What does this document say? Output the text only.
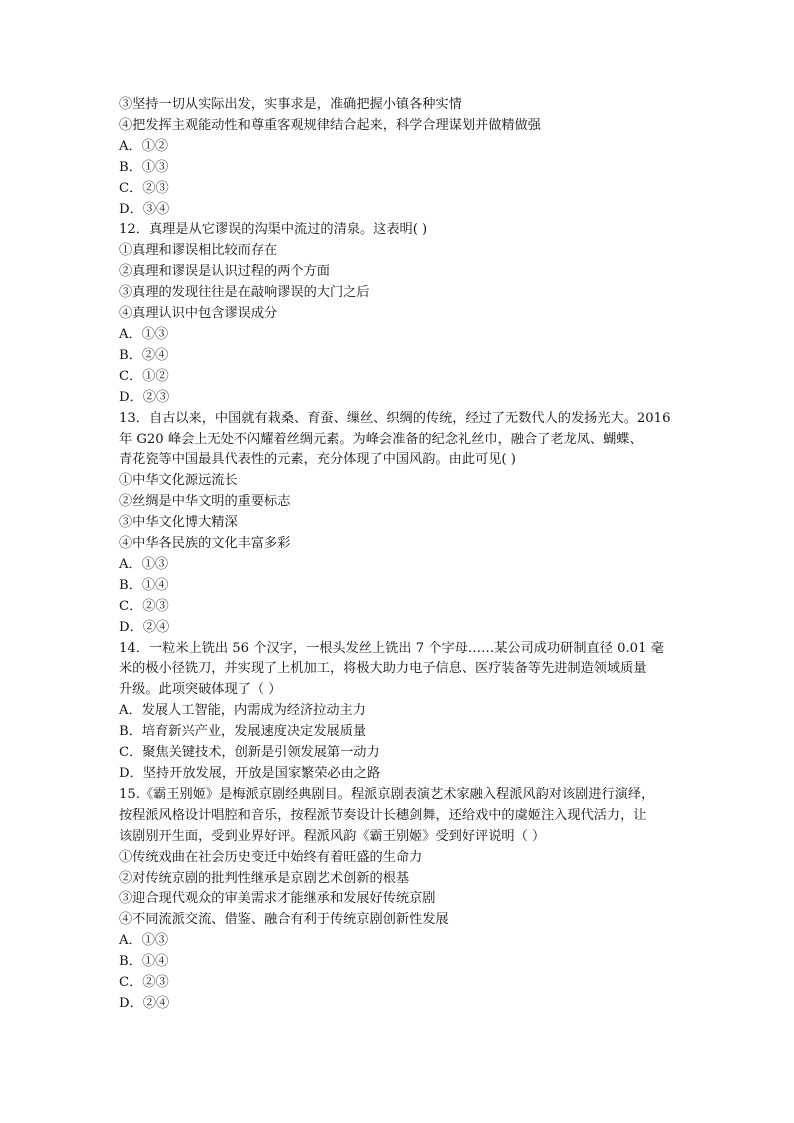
③坚持一切从实际出发，实事求是，准确把握小镇各种实情
④把发挥主观能动性和尊重客观规律结合起来，科学合理谋划并做精做强
A．①②
B．①③
C．②③
D．③④
12．真理是从它谬误的沟渠中流过的清泉。这表明( )
①真理和谬误相比较而存在
②真理和谬误是认识过程的两个方面
③真理的发现往往是在敲响谬误的大门之后
④真理认识中包含谬误成分
A．①③
B．②④
C．①②
D．②③
13．自古以来，中国就有栽桑、育蚕、缫丝、织绸的传统，经过了无数代人的发扬光大。2016
年 G20 峰会上无处不闪耀着丝绸元素。为峰会准备的纪念礼丝巾，融合了老龙凤、蝴蝶、
青花瓷等中国最具代表性的元素，充分体现了中国风韵。由此可见( )
①中华文化源远流长
②丝绸是中华文明的重要标志
③中华文化博大精深
④中华各民族的文化丰富多彩
A．①③
B．①④
C．②③
D．②④
14．一粒米上铣出 56 个汉字，一根头发丝上铣出 7 个字母……某公司成功研制直径 0.01 毫
米的极小径铣刀，并实现了上机加工，将极大助力电子信息、医疗装备等先进制造领域质量
升级。此项突破体现了（ ）
A．发展人工智能，内需成为经济拉动主力
B．培育新兴产业，发展速度决定发展质量
C．聚焦关键技术，创新是引领发展第一动力
D．坚持开放发展，开放是国家繁荣必由之路
15.《霸王别姬》是梅派京剧经典剧目。程派京剧表演艺术家融入程派风韵对该剧进行演绎，
按程派风格设计唱腔和音乐，按程派节奏设计长穗剑舞，还给戏中的虞姬注入现代活力，让
该剧别开生面，受到业界好评。程派风韵《霸王别姬》受到好评说明（ ）
①传统戏曲在社会历史变迁中始终有着旺盛的生命力
②对传统京剧的批判性继承是京剧艺术创新的根基
③迎合现代观众的审美需求才能继承和发展好传统京剧
④不同流派交流、借鉴、融合有利于传统京剧创新性发展
A．①③
B．①④
C．②③
D．②④
